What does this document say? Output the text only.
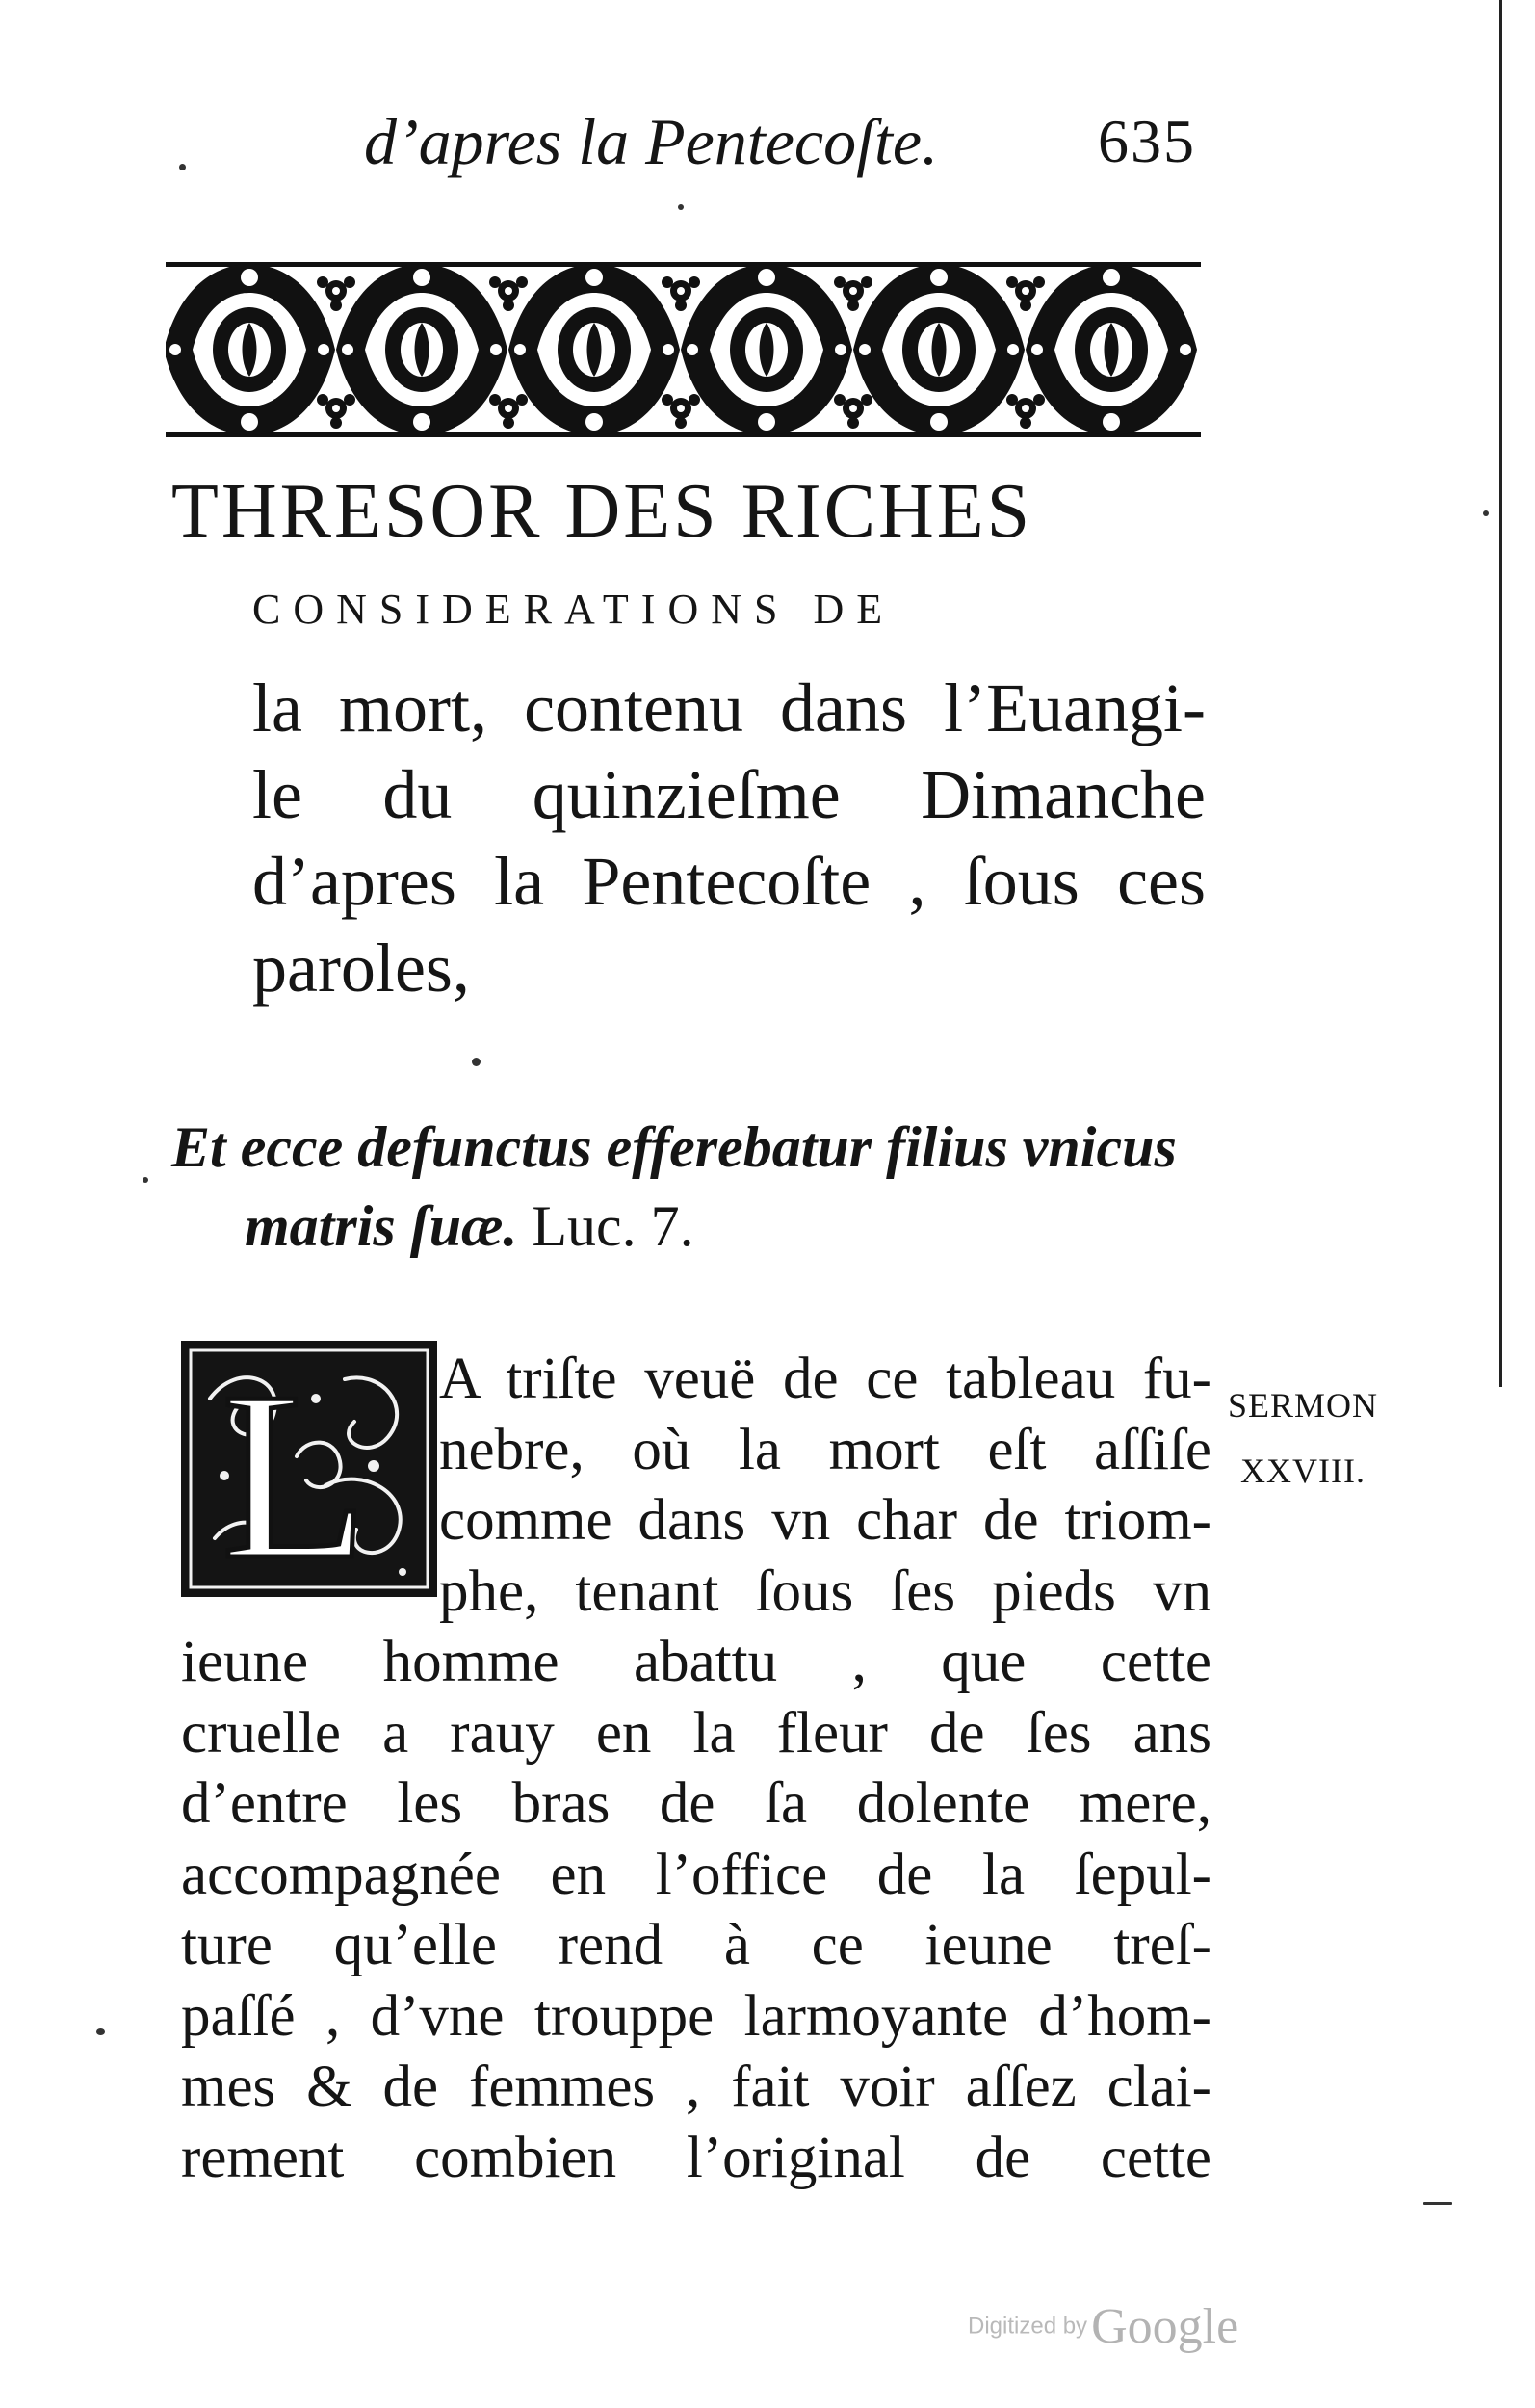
d’apres la Pentecoſte.	635
THRESOR DES RICHES
CONSIDERATIONS DE
la mort, contenu dans l’Euangi-
le du quinzieſme Dimanche
d’apres la Pentecoſte , ſous ces
paroles,
Et ecce defunctus efferebatur filius vnicus
matris ſuæ. Luc. 7.
L A triſte veuë de ce tableau fu-
nebre, où la mort eſt aſſiſe
comme dans vn char de triom-
phe, tenant ſous ſes pieds vn
ieune homme abattu , que cette
cruelle a rauy en la fleur de ſes ans
d’entre les bras de ſa dolente mere,
accompagnée en l’office de la ſepul-
ture qu’elle rend à ce ieune treſ-
paſſé , d’vne trouppe larmoyante d’hom-
mes & de femmes , fait voir aſſez clai-
rement combien l’original de cette
SERMON
XXVIII.
Digitized byGoogle
